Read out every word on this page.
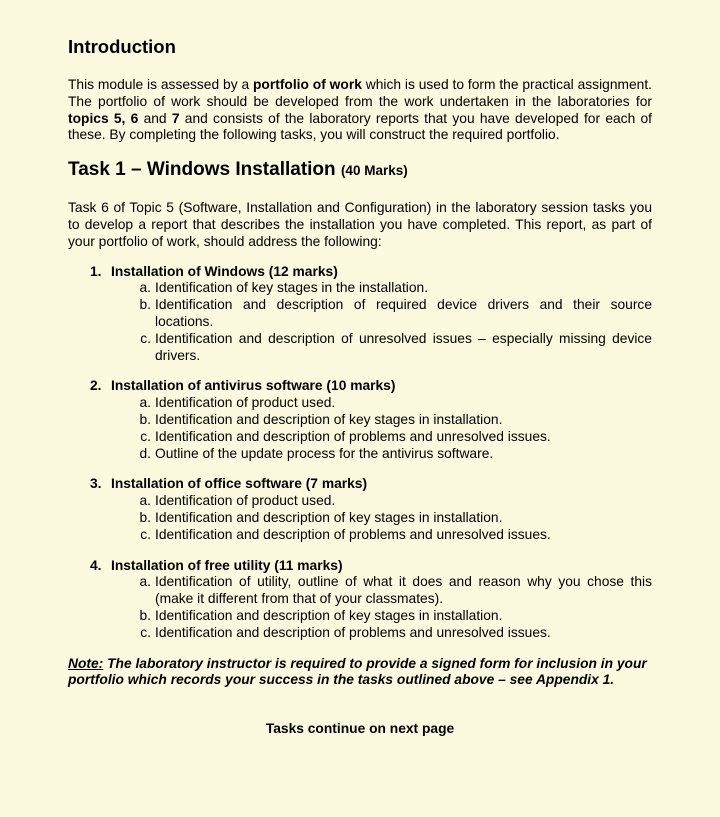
Introduction

This module is assessed by a portfolio of work which is used to form the practical assignment. The portfolio of work should be developed from the work undertaken in the laboratories for topics 5, 6 and 7 and consists of the laboratory reports that you have developed for each of these. By completing the following tasks, you will construct the required portfolio.

Task 1 – Windows Installation (40 Marks)

Task 6 of Topic 5 (Software, Installation and Configuration) in the laboratory session tasks you to develop a report that describes the installation you have completed. This report, as part of your portfolio of work, should address the following:

1. Installation of Windows (12 marks)
a. Identification of key stages in the installation.
b. Identification and description of required device drivers and their source locations.
c. Identification and description of unresolved issues – especially missing device drivers.
2. Installation of antivirus software (10 marks)
a. Identification of product used.
b. Identification and description of key stages in installation.
c. Identification and description of problems and unresolved issues.
d. Outline of the update process for the antivirus software.
3. Installation of office software (7 marks)
a. Identification of product used.
b. Identification and description of key stages in installation.
c. Identification and description of problems and unresolved issues.
4. Installation of free utility (11 marks)
a. Identification of utility, outline of what it does and reason why you chose this (make it different from that of your classmates).
b. Identification and description of key stages in installation.
c. Identification and description of problems and unresolved issues.

Note: The laboratory instructor is required to provide a signed form for inclusion in your portfolio which records your success in the tasks outlined above – see Appendix 1.

Tasks continue on next page
